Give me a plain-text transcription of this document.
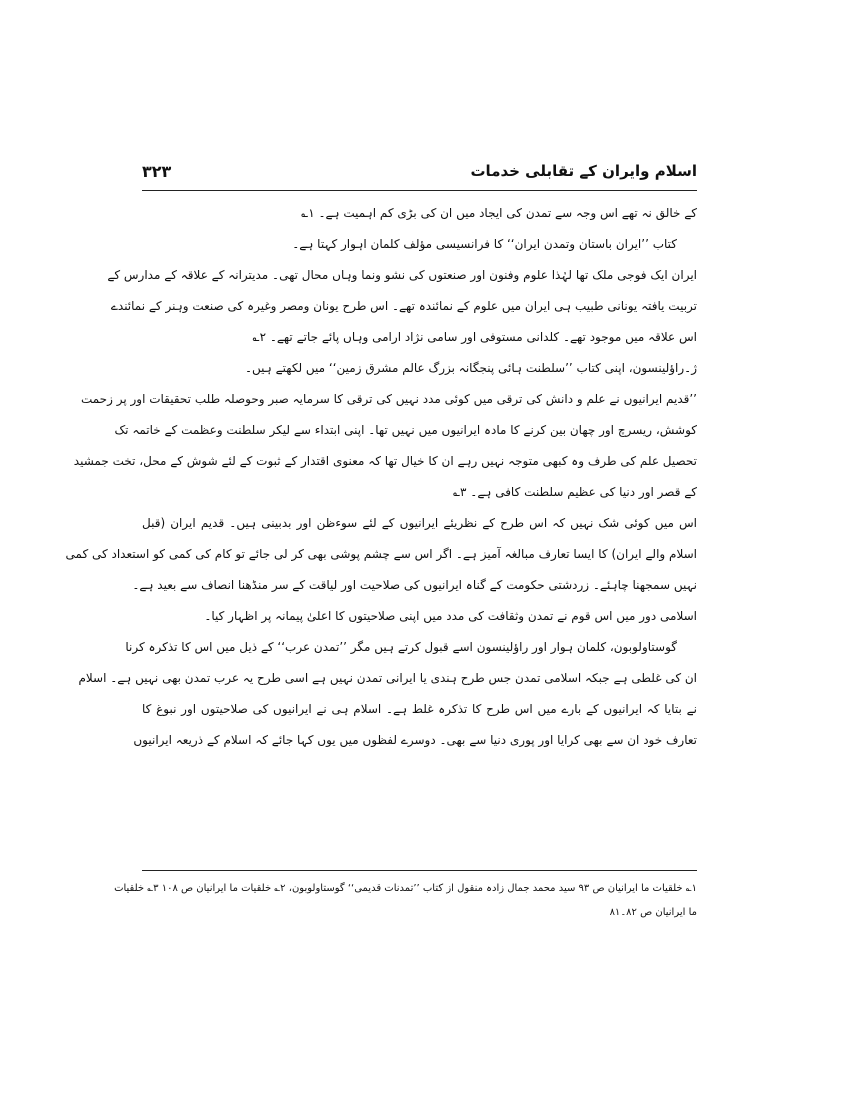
اسلام وایران کے تقابلی خدمات
۳۲۳
کے خالق نہ تھے اس وجہ سے تمدن کی ایجاد میں ان کی بڑی کم اہمیت ہے۔ ۱؎
کتاب ’’ایران باستان وتمدن ایران‘‘ کا فرانسیسی مؤلف کلمان اہوار کہتا ہے۔
ایران ایک فوجی ملک تھا لہٰذا علوم وفنون اور صنعتوں کی نشو ونما وہاں محال تھی۔ مدیترانہ کے علاقہ کے مدارس کے
تربیت یافتہ یونانی طبیب ہی ایران میں علوم کے نمائندہ تھے۔ اس طرح یونان ومصر وغیرہ کی صنعت وہنر کے نمائندے
اس علاقہ میں موجود تھے۔ کلدانی مستوفی اور سامی نژاد ارامی وہاں پائے جاتے تھے۔ ۲؎
ژ۔راؤلینسون، اپنی کتاب ’’سلطنت ہائی پنجگانہ بزرگ عالم مشرق زمین‘‘ میں لکھتے ہیں۔
’’قدیم ایرانیوں نے علم و دانش کی ترقی میں کوئی مدد نہیں کی ترقی کا سرمایہ صبر وحوصلہ طلب تحقیقات اور پر زحمت
کوشش، ریسرچ اور چھان بین کرنے کا مادہ ایرانیوں میں نہیں تھا۔ اپنی ابتداء سے لیکر سلطنت وعظمت کے خاتمہ تک
تحصیل علم کی طرف وہ کبھی متوجہ نہیں رہے ان کا خیال تھا کہ معنوی اقتدار کے ثبوت کے لئے شوش کے محل، تخت جمشید
کے قصر اور دنیا کی عظیم سلطنت کافی ہے۔ ۳؎
اس میں کوئی شک نہیں کہ اس طرح کے نظریئے ایرانیوں کے لئے سوءظن اور بدبینی ہیں۔ قدیم ایران (قبل
اسلام والے ایران) کا ایسا تعارف مبالغہ آمیز ہے۔ اگر اس سے چشم پوشی بھی کر لی جائے تو کام کی کمی کو استعداد کی کمی
نہیں سمجھنا چاہئے۔ زردشتی حکومت کے گناہ ایرانیوں کی صلاحیت اور لیاقت کے سر منڈھنا انصاف سے بعید ہے۔
اسلامی دور میں اس قوم نے تمدن وثقافت کی مدد میں اپنی صلاحیتوں کا اعلیٰ پیمانہ پر اظہار کیا۔
گوستاولوبون، کلمان ہوار اور راؤلینسون اسے قبول کرتے ہیں مگر ’’تمدن عرب‘‘ کے ذیل میں اس کا تذکرہ کرنا
ان کی غلطی ہے جبکہ اسلامی تمدن جس طرح ہندی یا ایرانی تمدن نہیں ہے اسی طرح یہ عرب تمدن بھی نہیں ہے۔ اسلام
نے بتایا کہ ایرانیوں کے بارے میں اس طرح کا تذکرہ غلط ہے۔ اسلام ہی نے ایرانیوں کی صلاحیتوں اور نبوغ کا
تعارف خود ان سے بھی کرایا اور پوری دنیا سے بھی۔ دوسرے لفظوں میں یوں کہا جائے کہ اسلام کے ذریعہ ایرانیوں
۱؎ خلقیات ما ایرانیان ص ۹۳ سید محمد جمال زادہ منقول از کتاب ’’تمدنات قدیمی‘‘ گوستاولوبون، ۲؎ خلقیات ما ایرانیان ص ۱۰۸ ۳؎ خلقیات
ما ایرانیان ص ۸۲۔۸۱
